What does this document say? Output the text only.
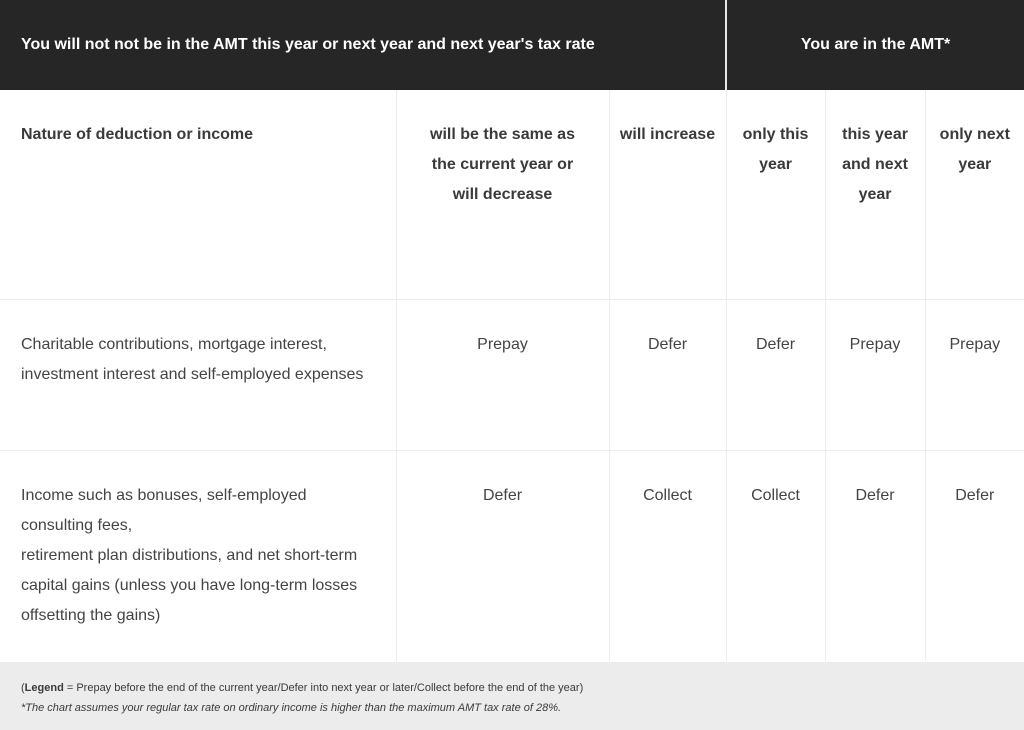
You will not not be in the AMT this year or next year and next year's tax rate			You are in the AMT*		
Nature of deduction or income	will be the same as the current year or will decrease	will increase	only this year	this year and next year	only next year
Charitable contributions, mortgage interest, investment interest and self-employed expenses	Prepay	Defer	Defer	Prepay	Prepay
Income such as bonuses, self-employed consulting fees,
retirement plan distributions, and net short-term capital gains (unless you have long-term losses offsetting the gains)	Defer	Collect	Collect	Defer	Defer
(Legend = Prepay before the end of the current year/Defer into next year or later/Collect before the end of the year)
*The chart assumes your regular tax rate on ordinary income is higher than the maximum AMT tax rate of 28%.
